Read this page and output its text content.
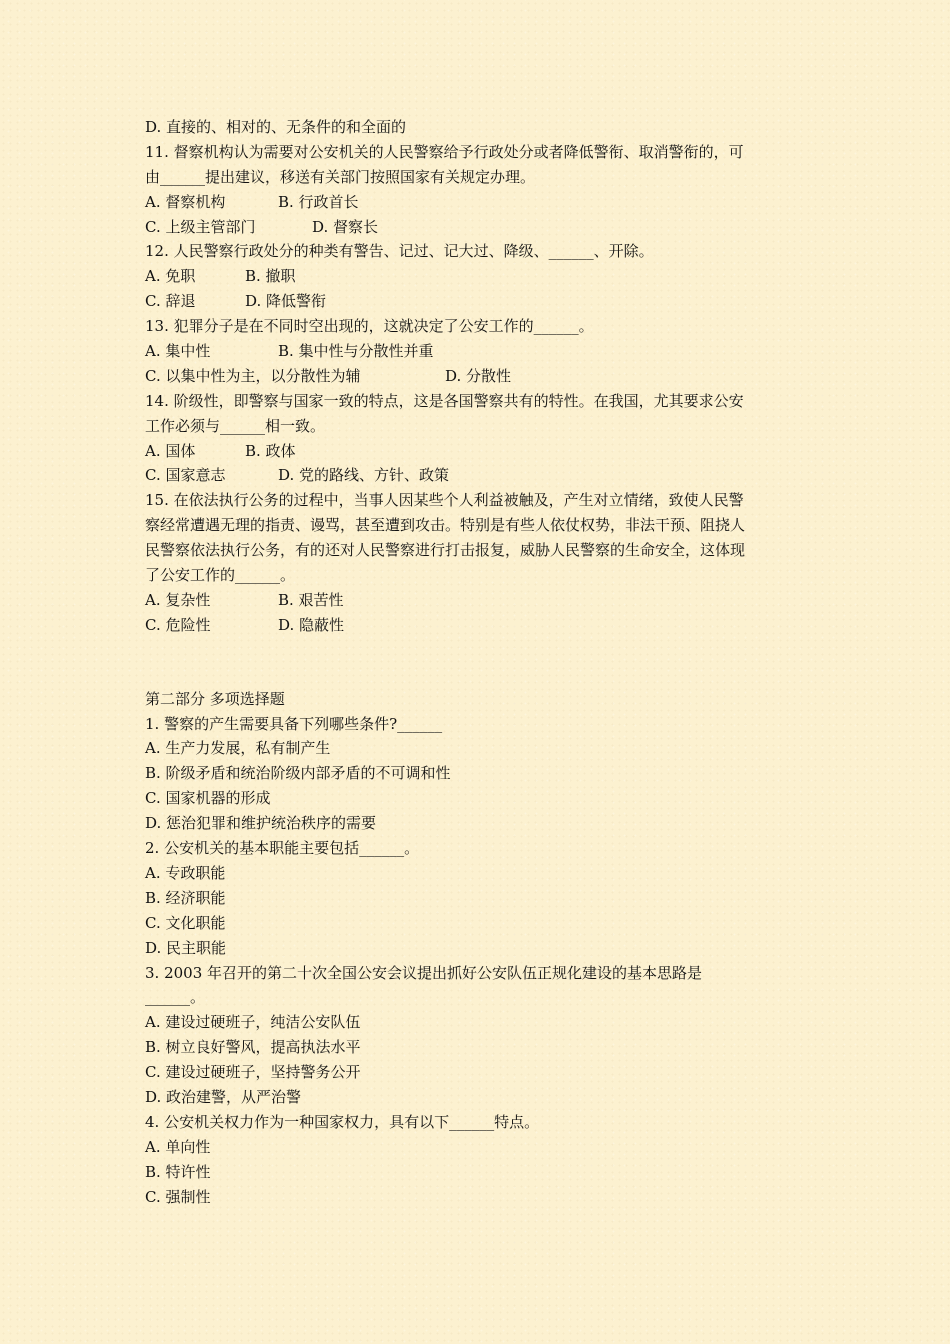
D. 直接的、相对的、无条件的和全面的
11. 督察机构认为需要对公安机关的人民警察给予行政处分或者降低警衔、取消警衔的，可
由______提出建议，移送有关部门按照国家有关规定办理。
A. 督察机构	B. 行政首长
C. 上级主管部门	D. 督察长
12. 人民警察行政处分的种类有警告、记过、记大过、降级、______、开除。
A. 免职	B. 撤职
C. 辞退	D. 降低警衔
13. 犯罪分子是在不同时空出现的，这就决定了公安工作的______。
A. 集中性	B. 集中性与分散性并重
C. 以集中性为主，以分散性为辅	D. 分散性
14. 阶级性，即警察与国家一致的特点，这是各国警察共有的特性。在我国，尤其要求公安
工作必须与______相一致。
A. 国体	B. 政体
C. 国家意志	D. 党的路线、方针、政策
15. 在依法执行公务的过程中，当事人因某些个人利益被触及，产生对立情绪，致使人民警
察经常遭遇无理的指责、谩骂，甚至遭到攻击。特别是有些人依仗权势，非法干预、阻挠人
民警察依法执行公务，有的还对人民警察进行打击报复，威胁人民警察的生命安全，这体现
了公安工作的______。
A. 复杂性	B. 艰苦性
C. 危险性	D. 隐蔽性
第二部分 多项选择题
1. 警察的产生需要具备下列哪些条件?______
A. 生产力发展，私有制产生
B. 阶级矛盾和统治阶级内部矛盾的不可调和性
C. 国家机器的形成
D. 惩治犯罪和维护统治秩序的需要
2. 公安机关的基本职能主要包括______。
A. 专政职能
B. 经济职能
C. 文化职能
D. 民主职能
3. 2003 年召开的第二十次全国公安会议提出抓好公安队伍正规化建设的基本思路是
______。
A. 建设过硬班子，纯洁公安队伍
B. 树立良好警风，提高执法水平
C. 建设过硬班子，坚持警务公开
D. 政治建警，从严治警
4. 公安机关权力作为一种国家权力，具有以下______特点。
A. 单向性
B. 特许性
C. 强制性
